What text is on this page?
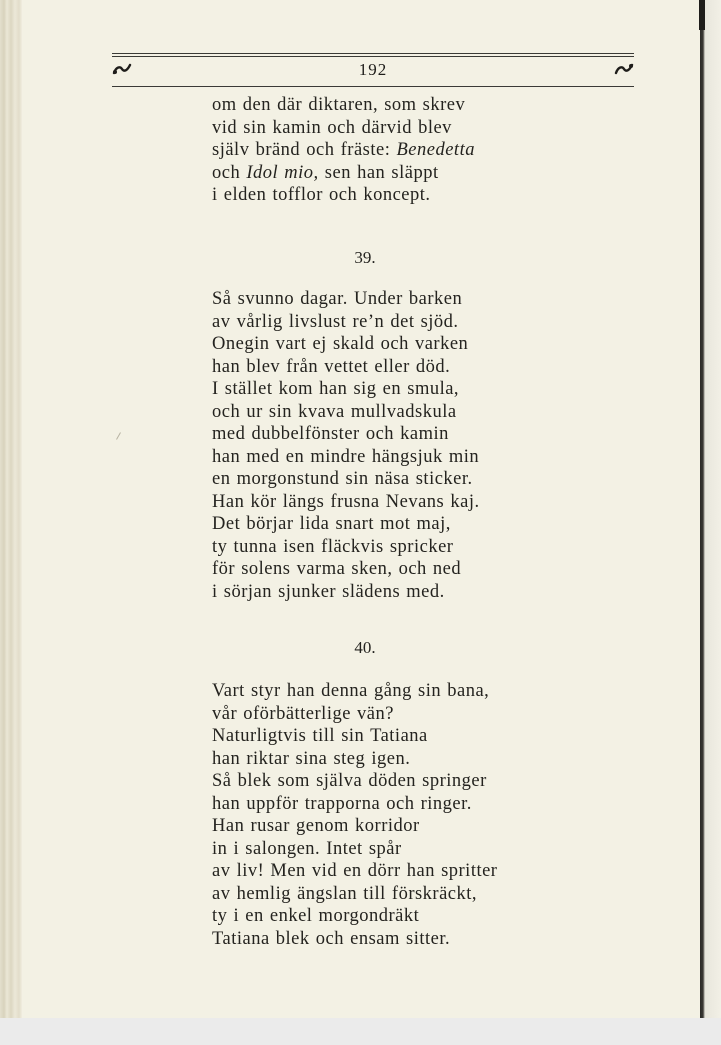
192
om den där diktaren, som skrev
vid sin kamin och därvid blev
själv bränd och fräste: Benedetta
och Idol mio, sen han släppt
i elden tofflor och koncept.
39.
Så svunno dagar. Under barken
av vårlig livslust re’n det sjöd.
Onegin vart ej skald och varken
han blev från vettet eller död.
I stället kom han sig en smula,
och ur sin kvava mullvadskula
med dubbelfönster och kamin
han med en mindre hängsjuk min
en morgonstund sin näsa sticker.
Han kör längs frusna Nevans kaj.
Det börjar lida snart mot maj,
ty tunna isen fläckvis spricker
för solens varma sken, och ned
i sörjan sjunker slädens med.
40.
Vart styr han denna gång sin bana,
vår oförbätterlige vän?
Naturligtvis till sin Tatiana
han riktar sina steg igen.
Så blek som själva döden springer
han uppför trapporna och ringer.
Han rusar genom korridor
in i salongen. Intet spår
av liv! Men vid en dörr han spritter
av hemlig ängslan till förskräckt,
ty i en enkel morgondräkt
Tatiana blek och ensam sitter.
